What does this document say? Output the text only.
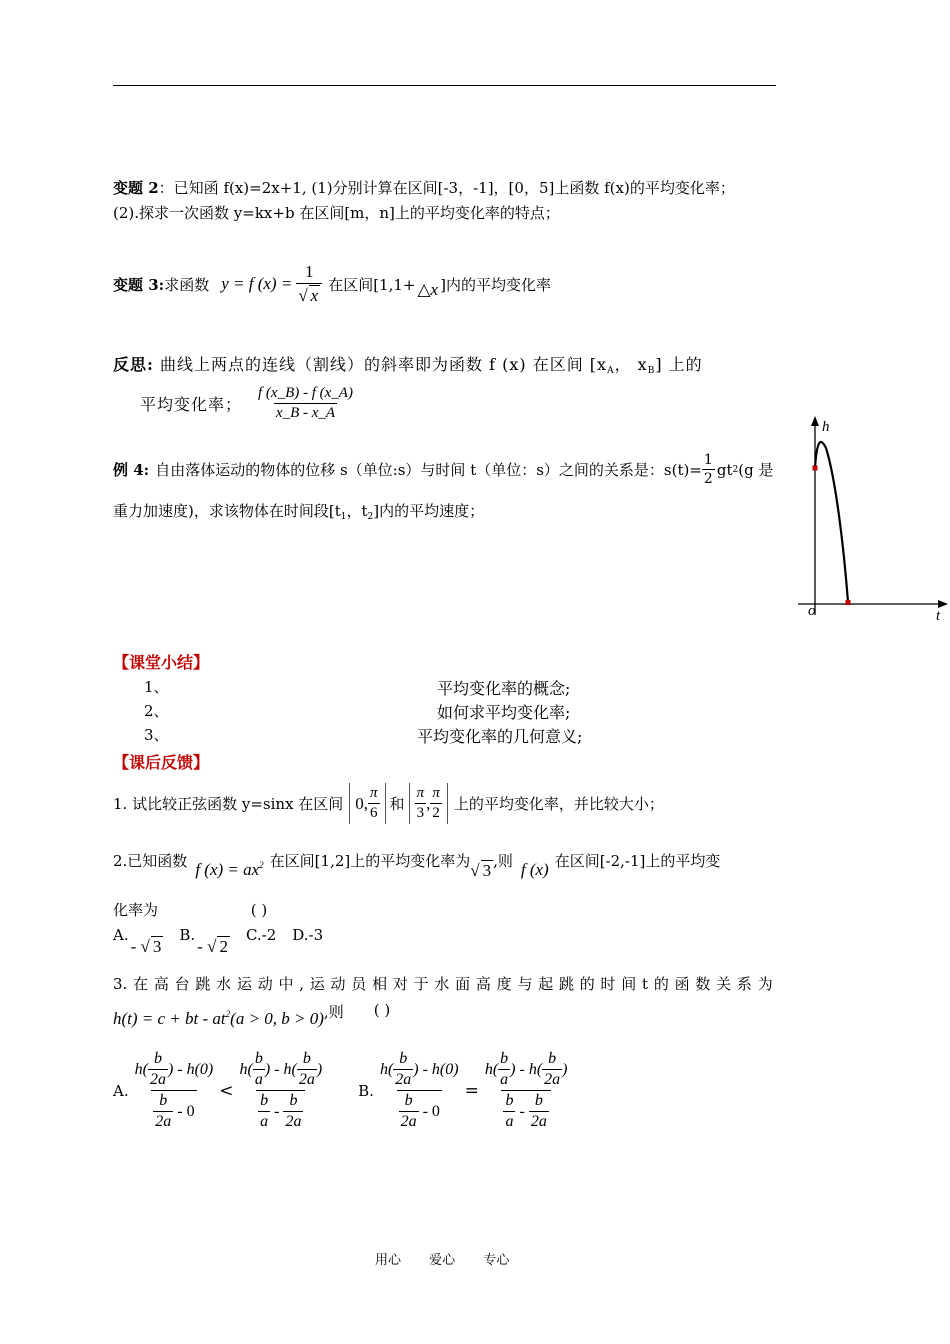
变题 2：已知函 f(x)=2x+1, (1)分别计算在区间[-3，-1]，[0，5]上函数 f(x)的平均变化率；
(2).探求一次函数 y=kx+b 在区间[m，n]上的平均变化率的特点；
变题 3: 求函数 y = f $(x) = \frac{1}{√ x}$ 在区间[1,1+ △x ]内的平均变化率
反思: 曲线上两点的连线（割线）的斜率即为函数 f (x) 在区间 [$x_A$， $x_B$] 上的
平均变化率； $\frac{f (x\_B) - f (x\_A)}{x\_B - x\_A}$
例 4: 自由落体运动的物体的位移 s（单位:s）与时间 t（单位：s）之间的关系是：$s(t)= \frac{1}{2}$ gt 2 (g 是
重力加速度)，求该物体在时间段[$t_1$，$t_2$]内的平均速度；
h
t
o
【课堂小结】
1、	平均变化率的概念;
2、	如何求平均变化率;
3、	平均变化率的几何意义;
【课后反馈】
1. 试比较正弦函数 y=sinx 在区间 0, $\frac{\pi}{6}$ 和 $\frac{\pi}{3}$ , $\frac{\pi}{2}$ 上的平均变化率，并比较大小；
2.已知函数 f $(x) = ax^2$ 在区间[1,2]上的平均变化率为 √ 3 ,则 f (x) 在区间[-2,-1]上的平均变
化率为	( )
A.
- √ 3
B.
- √ 2
C.-2 D.-3
3. 在 高 台 跳 水 运 动 中 , 运 动 员 相 对 于 水 面 高 度 与 起 跳 的 时 间 t 的 函 数 关 系 为
h(t) = c + bt - $at^2(a > 0$, b > 0) ,则 ( )
A. $\frac{h( \frac{b}{2a} ) - h(0)}{\frac{b}{2a} - 0} < \frac{h( \frac{b}{a} ) - h( \frac{b}{2a} )}{\frac{b}{a} - \frac{b}{2a}} B$. $\frac{h( \frac{b}{2a} ) - h(0)}{\frac{b}{2a} - 0} = \frac{h( \frac{b}{a} ) - h( \frac{b}{2a} )}{\frac{b}{a} - \frac{b}{2a}}$
用心 爱心 专心
